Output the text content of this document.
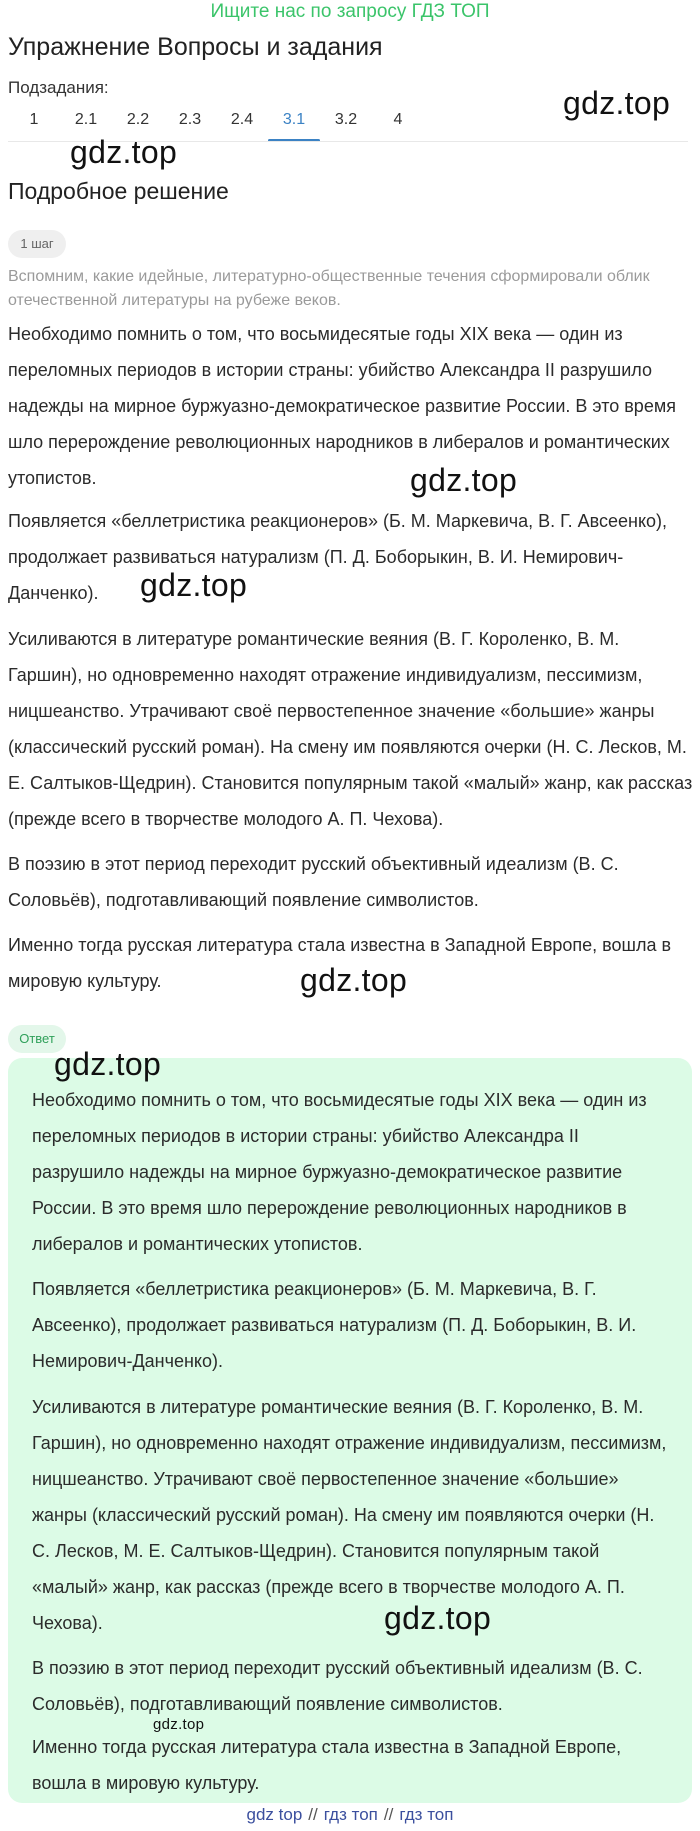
Ищите нас по запросу ГДЗ ТОП
Упражнение Вопросы и задания
Подзадания:
1	2.1	2.2	2.3	2.4	3.1	3.2	4	gdz.top
gdz.top
Подробное решение
1 шаг
Вспомним, какие идейные, литературно-общественные течения сформировали облик отечественной литературы на рубеже веков.

Необходимо помнить о том, что восьмидесятые годы XIX века — один из переломных периодов в истории страны: убийство Александра II разрушило надежды на мирное буржуазно-демократическое развитие России. В это время шло перерождение революционных народников в либералов и романтических утопистов.

Появляется «беллетристика реакционеров» (Б. М. Маркевича, В. Г. Авсеенко), продолжает развиваться натурализм (П. Д. Боборыкин, В. И. Немирович-Данченко).

Усиливаются в литературе романтические веяния (В. Г. Короленко, В. М. Гаршин), но одновременно находят отражение индивидуализм, пессимизм, ницшеанство. Утрачивают своё первостепенное значение «большие» жанры (классический русский роман). На смену им появляются очерки (Н. С. Лесков, М. Е. Салтыков-Щедрин). Становится популярным такой «малый» жанр, как рассказ (прежде всего в творчестве молодого А. П. Чехова).

В поэзию в этот период переходит русский объективный идеализм (В. С. Соловьёв), подготавливающий появление символистов.

Именно тогда русская литература стала известна в Западной Европе, вошла в мировую культуру.

gdz.top
gdz.top
gdz.top
Ответ

Необходимо помнить о том, что восьмидесятые годы XIX века — один из переломных периодов в истории страны: убийство Александра II разрушило надежды на мирное буржуазно-демократическое развитие России. В это время шло перерождение революционных народников в либералов и романтических утопистов.

Появляется «беллетристика реакционеров» (Б. М. Маркевича, В. Г. Авсеенко), продолжает развиваться натурализм (П. Д. Боборыкин, В. И. Немирович-Данченко).

Усиливаются в литературе романтические веяния (В. Г. Короленко, В. М. Гаршин), но одновременно находят отражение индивидуализм, пессимизм, ницшеанство. Утрачивают своё первостепенное значение «большие» жанры (классический русский роман). На смену им появляются очерки (Н. С. Лесков, М. Е. Салтыков-Щедрин). Становится популярным такой «малый» жанр, как рассказ (прежде всего в творчестве молодого А. П. Чехова).

В поэзию в этот период переходит русский объективный идеализм (В. С. Соловьёв), подготавливающий появление символистов.

Именно тогда русская литература стала известна в Западной Европе, вошла в мировую культуру.

gdz.top
gdz.top
gdz.top
gdz top // гдз топ // гдз топ
